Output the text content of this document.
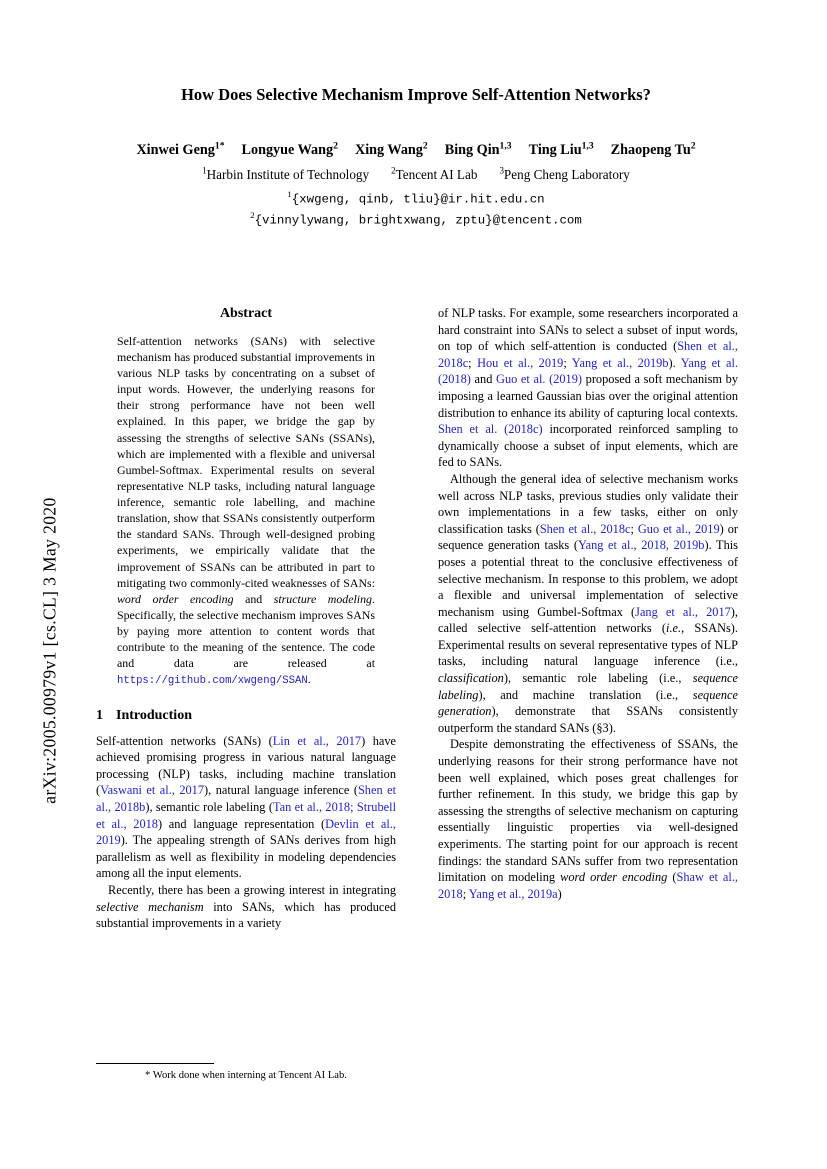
arXiv:2005.00979v1 [cs.CL] 3 May 2020
How Does Selective Mechanism Improve Self-Attention Networks?
Xinwei Geng$^{1*}$ Longyue Wang$^2$ Xing Wang$^2$ Bing Qin$^{1,3}$ Ting Liu$^{1,3}$ Zhaopeng Tu$^2$
$^1$Harbin Institute of Technology $^2$Tencent AI Lab $^3$Peng Cheng Laboratory
$^1${xwgeng, qinb, tliu}@ir.hit.edu.cn
$^2${vinnylywang, brightxwang, zptu}@tencent.com
Abstract
Self-attention networks (SANs) with selective mechanism has produced substantial improvements in various NLP tasks by concentrating on a subset of input words. However, the underlying reasons for their strong performance have not been well explained. In this paper, we bridge the gap by assessing the strengths of selective SANs (SSANs), which are implemented with a flexible and universal Gumbel-Softmax. Experimental results on several representative NLP tasks, including natural language inference, semantic role labelling, and machine translation, show that SSANs consistently outperform the standard SANs. Through well-designed probing experiments, we empirically validate that the improvement of SSANs can be attributed in part to mitigating two commonly-cited weaknesses of SANs: word order encoding and structure modeling. Specifically, the selective mechanism improves SANs by paying more attention to content words that contribute to the meaning of the sentence. The code and data are released at https://github.com/xwgeng/SSAN.
1 Introduction

Self-attention networks (SANs) (Lin et al., 2017) have achieved promising progress in various natural language processing (NLP) tasks, including machine translation (Vaswani et al., 2017), natural language inference (Shen et al., 2018b), semantic role labeling (Tan et al., 2018; Strubell et al., 2018) and language representation (Devlin et al., 2019). The appealing strength of SANs derives from high parallelism as well as flexibility in modeling dependencies among all the input elements.

Recently, there has been a growing interest in integrating selective mechanism into SANs, which has produced substantial improvements in a variety

of NLP tasks. For example, some researchers incorporated a hard constraint into SANs to select a subset of input words, on top of which self-attention is conducted (Shen et al., 2018c; Hou et al., 2019; Yang et al., 2019b). Yang et al. (2018) and Guo et al. (2019) proposed a soft mechanism by imposing a learned Gaussian bias over the original attention distribution to enhance its ability of capturing local contexts. Shen et al. (2018c) incorporated reinforced sampling to dynamically choose a subset of input elements, which are fed to SANs.

Although the general idea of selective mechanism works well across NLP tasks, previous studies only validate their own implementations in a few tasks, either on only classification tasks (Shen et al., 2018c; Guo et al., 2019) or sequence generation tasks (Yang et al., 2018, 2019b). This poses a potential threat to the conclusive effectiveness of selective mechanism. In response to this problem, we adopt a flexible and universal implementation of selective mechanism using Gumbel-Softmax (Jang et al., 2017), called selective self-attention networks (i.e., SSANs). Experimental results on several representative types of NLP tasks, including natural language inference (i.e., classification), semantic role labeling (i.e., sequence labeling), and machine translation (i.e., sequence generation), demonstrate that SSANs consistently outperform the standard SANs (§3).

Despite demonstrating the effectiveness of SSANs, the underlying reasons for their strong performance have not been well explained, which poses great challenges for further refinement. In this study, we bridge this gap by assessing the strengths of selective mechanism on capturing essentially linguistic properties via well-designed experiments. The starting point for our approach is recent findings: the standard SANs suffer from two representation limitation on modeling word order encoding (Shaw et al., 2018; Yang et al., 2019a)

* Work done when interning at Tencent AI Lab.
